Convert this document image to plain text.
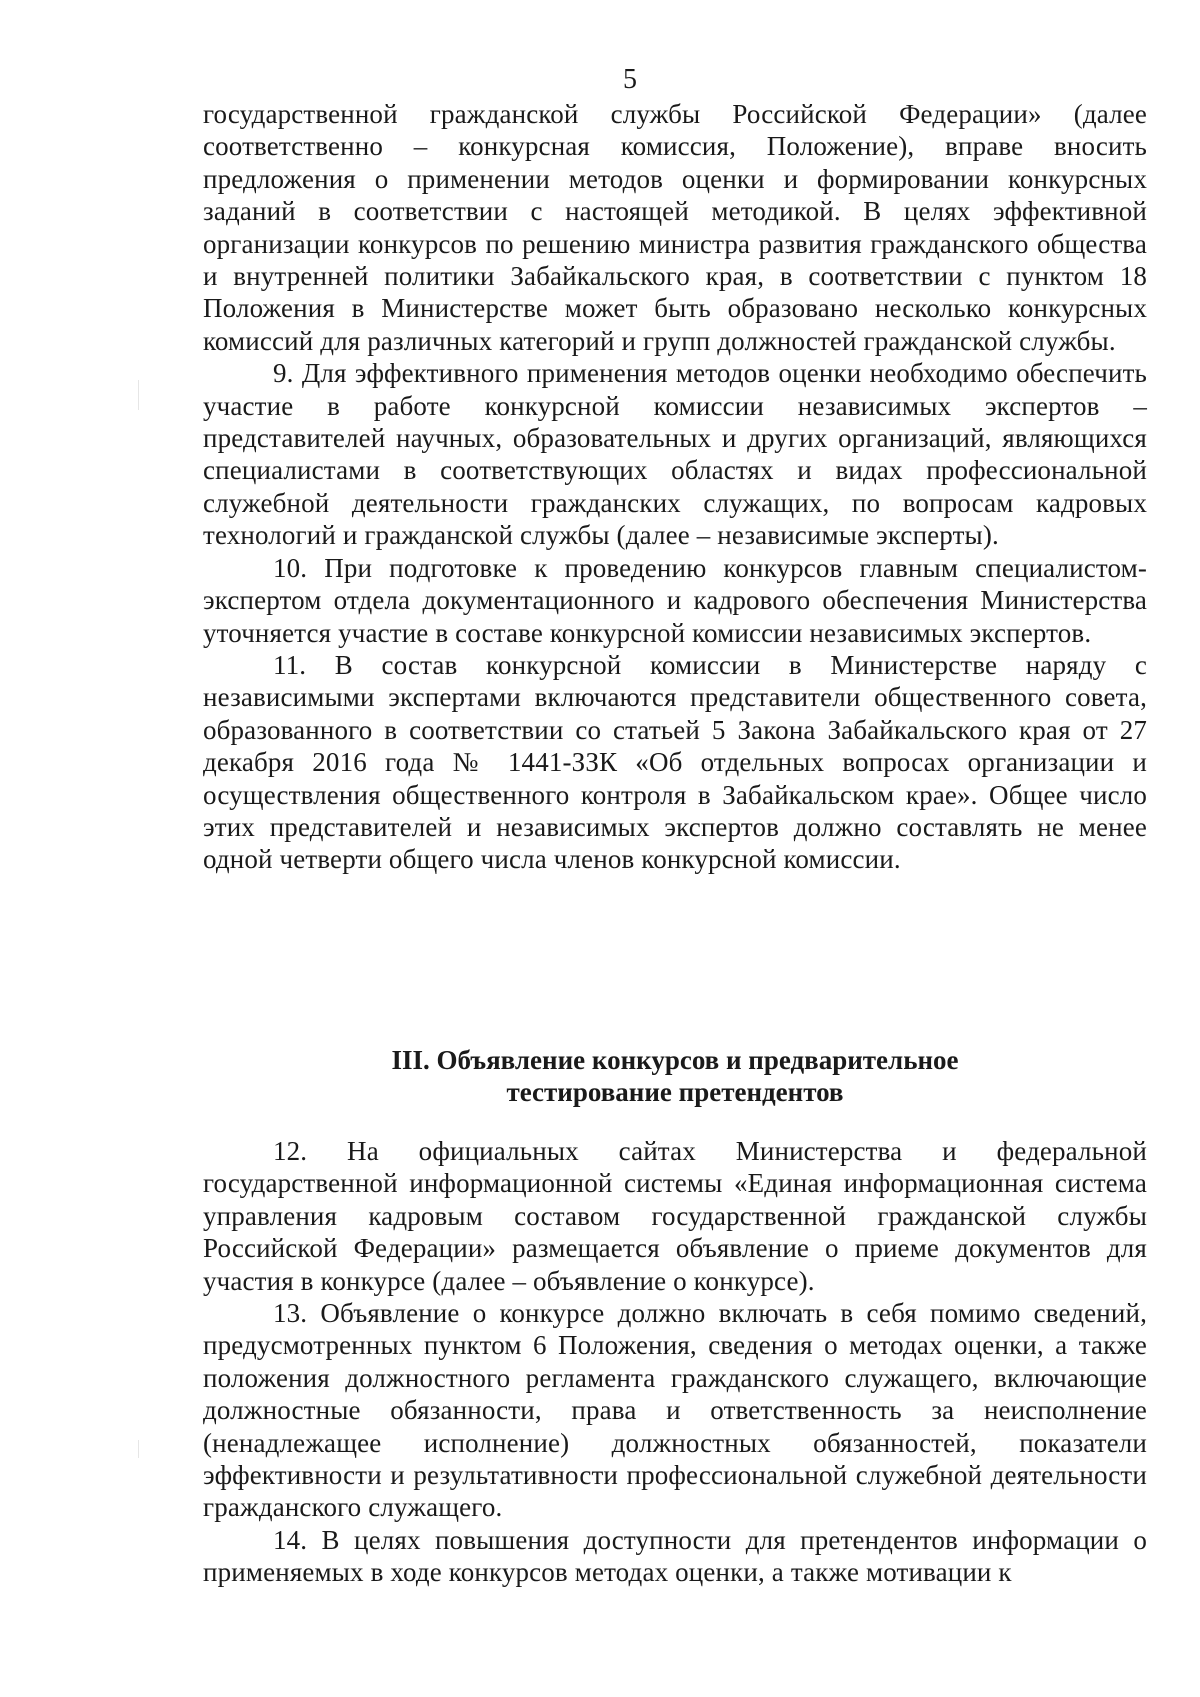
5

государственной гражданской службы Российской Федерации» (далее соответственно – конкурсная комиссия, Положение), вправе вносить предложения о применении методов оценки и формировании конкурсных заданий в соответствии с настоящей методикой. В целях эффективной организации конкурсов по решению министра развития гражданского общества и внутренней политики Забайкальского края, в соответствии с пунктом 18 Положения в Министерстве может быть образовано несколько конкурсных комиссий для различных категорий и групп должностей гражданской службы.

9. Для эффективного применения методов оценки необходимо обеспечить участие в работе конкурсной комиссии независимых экспертов – представителей научных, образовательных и других организаций, являющихся специалистами в соответствующих областях и видах профессиональной служебной деятельности гражданских служащих, по вопросам кадровых технологий и гражданской службы (далее – независимые эксперты).

10. При подготовке к проведению конкурсов главным специалистом-экспертом отдела документационного и кадрового обеспечения Министерства уточняется участие в составе конкурсной комиссии независимых экспертов.

11. В состав конкурсной комиссии в Министерстве наряду с независимыми экспертами включаются представители общественного совета, образованного в соответствии со статьей 5 Закона Забайкальского края от 27 декабря 2016 года № 1441-ЗЗК «Об отдельных вопросах организации и осуществления общественного контроля в Забайкальском крае». Общее число этих представителей и независимых экспертов должно составлять не менее одной четверти общего числа членов конкурсной комиссии.

III. Объявление конкурсов и предварительное
тестирование претендентов

12. На официальных сайтах Министерства и федеральной государственной информационной системы «Единая информационная система управления кадровым составом государственной гражданской службы Российской Федерации» размещается объявление о приеме документов для участия в конкурсе (далее – объявление о конкурсе).

13. Объявление о конкурсе должно включать в себя помимо сведений, предусмотренных пунктом 6 Положения, сведения о методах оценки, а также положения должностного регламента гражданского служащего, включающие должностные обязанности, права и ответственность за неисполнение (ненадлежащее исполнение) должностных обязанностей, показатели эффективности и результативности профессиональной служебной деятельности гражданского служащего.

14. В целях повышения доступности для претендентов информации о применяемых в ходе конкурсов методах оценки, а также мотивации к
